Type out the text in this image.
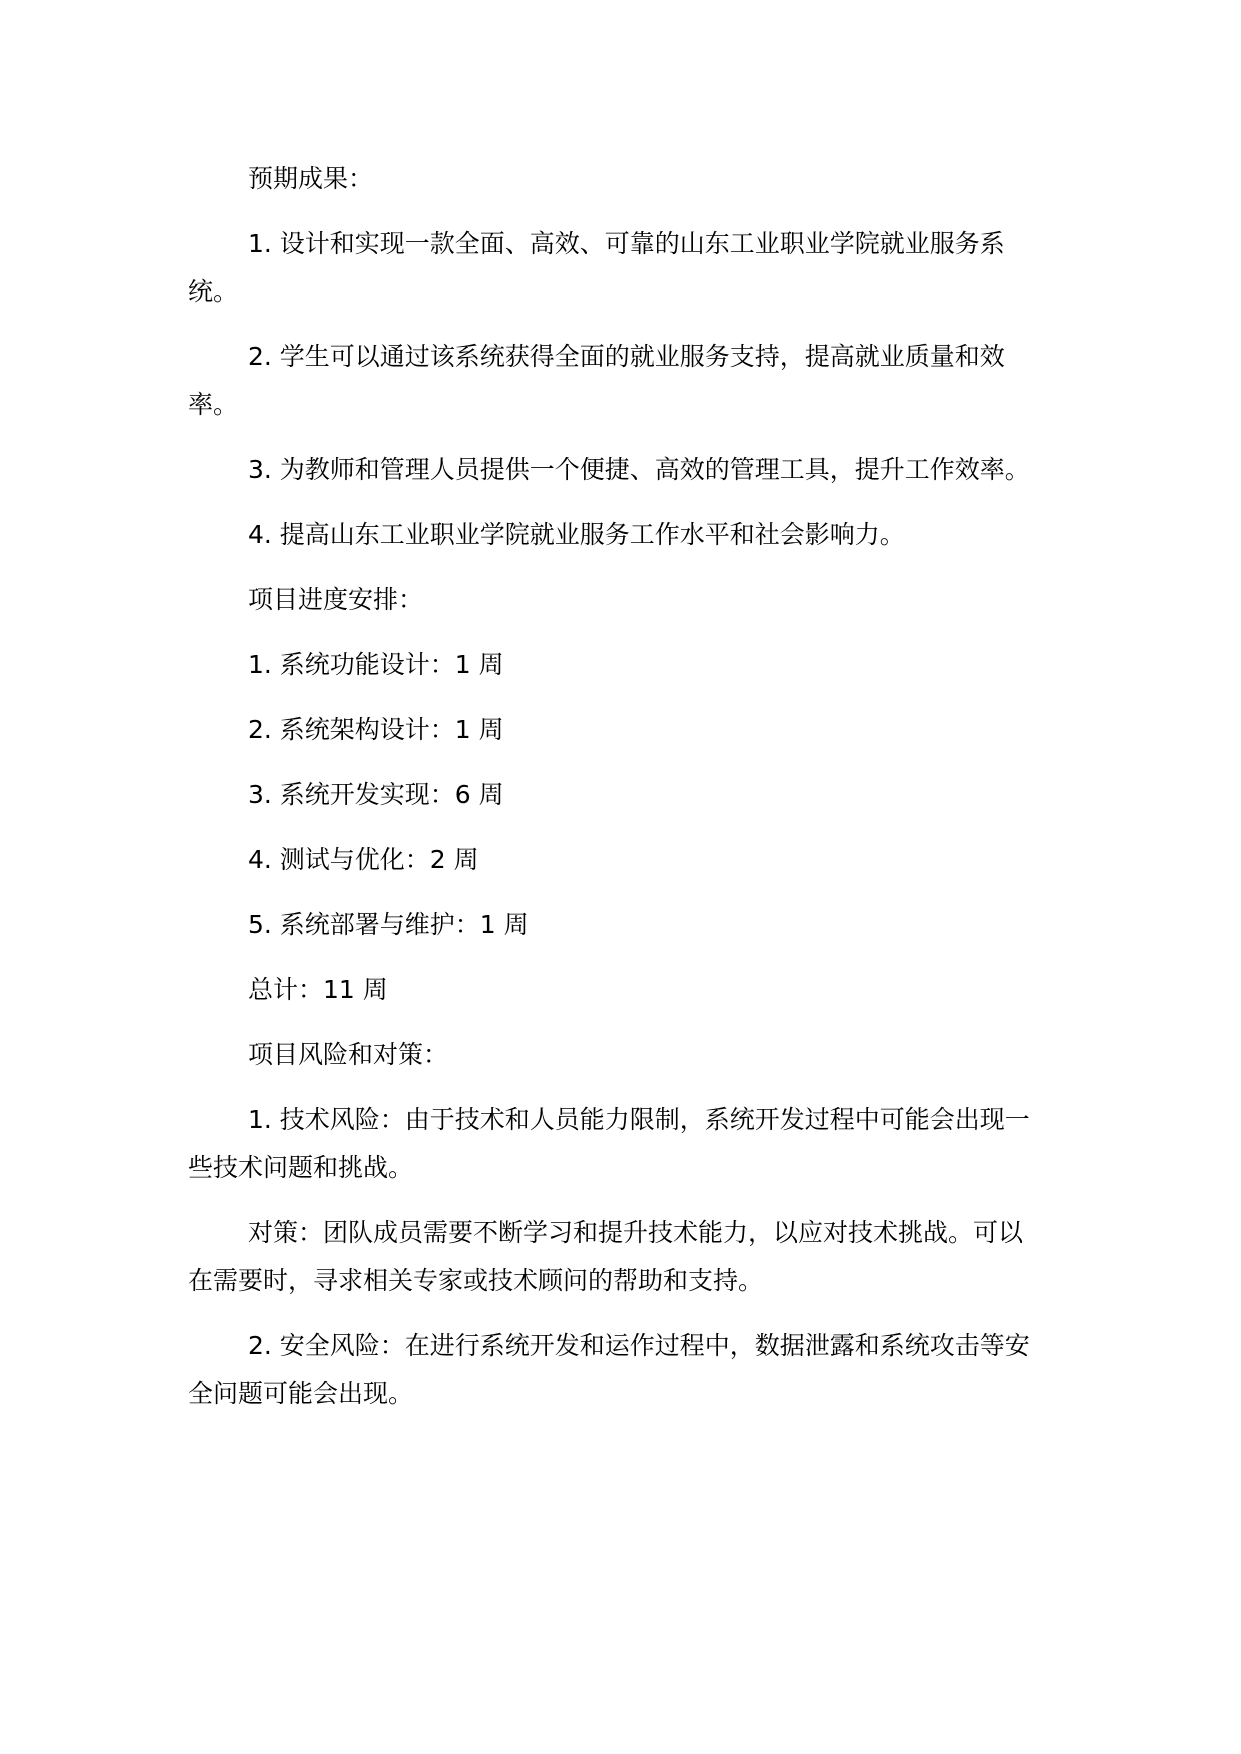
预期成果：

1. 设计和实现一款全面、高效、可靠的山东工业职业学院就业服务系统。

2. 学生可以通过该系统获得全面的就业服务支持，提高就业质量和效率。

3. 为教师和管理人员提供一个便捷、高效的管理工具，提升工作效率。

4. 提高山东工业职业学院就业服务工作水平和社会影响力。

项目进度安排：

1. 系统功能设计：1 周

2. 系统架构设计：1 周

3. 系统开发实现：6 周

4. 测试与优化：2 周

5. 系统部署与维护：1 周

总计：11 周

项目风险和对策：

1. 技术风险：由于技术和人员能力限制，系统开发过程中可能会出现一些技术问题和挑战。

对策：团队成员需要不断学习和提升技术能力，以应对技术挑战。可以在需要时，寻求相关专家或技术顾问的帮助和支持。

2. 安全风险：在进行系统开发和运作过程中，数据泄露和系统攻击等安全问题可能会出现。
